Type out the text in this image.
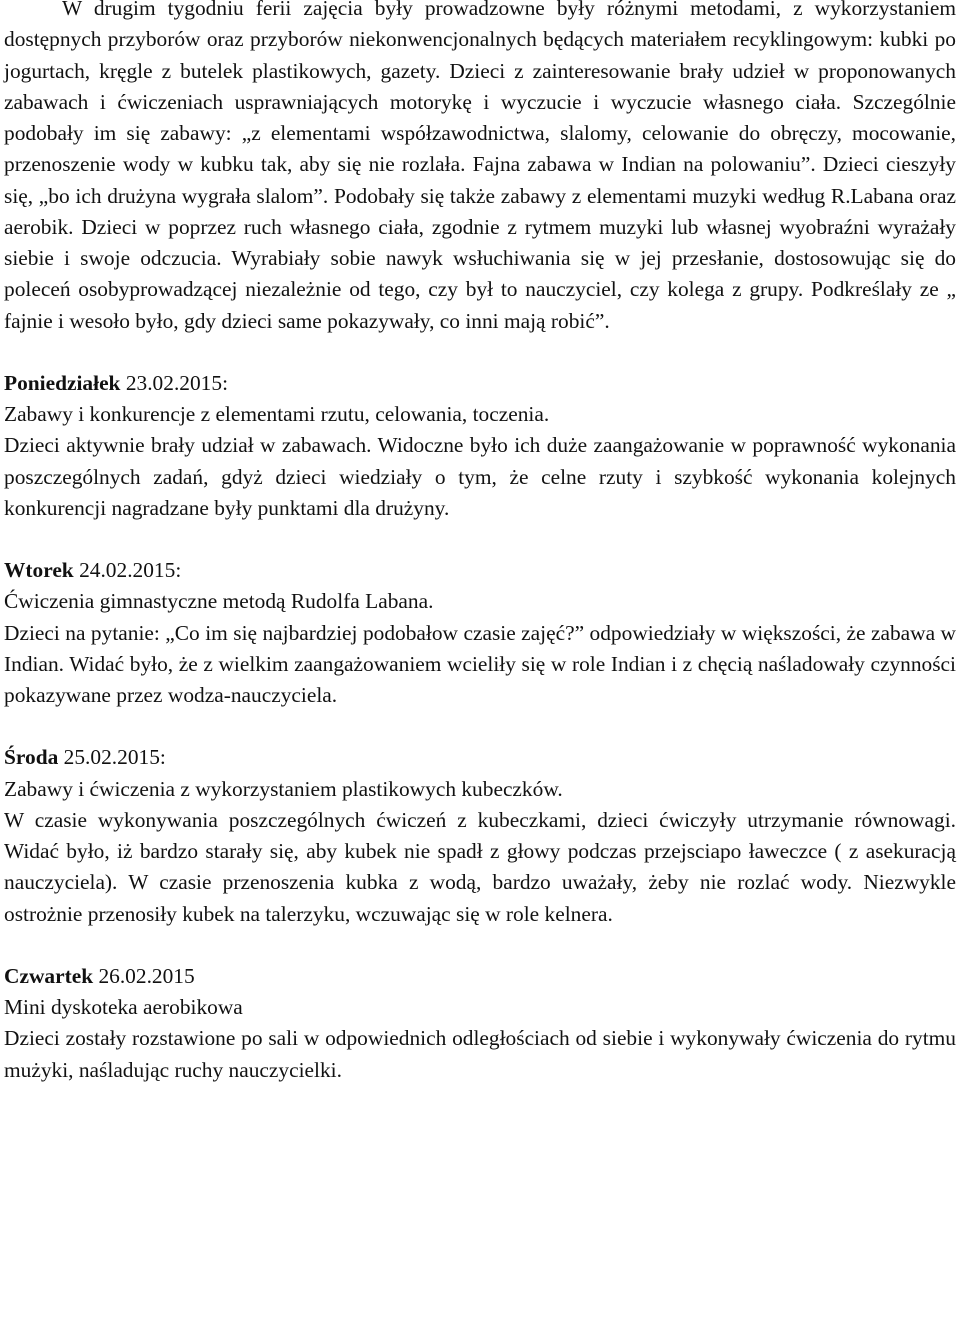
W drugim tygodniu ferii zajęcia były prowadzowne były różnymi metodami, z wykorzystaniem dostępnych przyborów oraz przyborów niekonwencjonalnych będących materiałem recyklingowym: kubki po jogurtach, kręgle z butelek plastikowych, gazety. Dzieci z zainteresowanie brały udzieł w proponowanych zabawach i ćwiczeniach usprawniających motorykę i wyczucie i wyczucie własnego ciała. Szczególnie podobały im się zabawy: „z elementami współzawodnictwa, slalomy, celowanie do obręczy, mocowanie, przenoszenie wody w kubku tak, aby się nie rozlała. Fajna zabawa w Indian na polowaniu”. Dzieci cieszyły się, „bo ich drużyna wygrała slalom”. Podobały się także zabawy z elementami muzyki według R.Labana oraz aerobik. Dzieci w poprzez ruch własnego ciała, zgodnie z rytmem muzyki lub własnej wyobraźni wyrażały siebie i swoje odczucia. Wyrabiały sobie nawyk wsłuchiwania się w jej przesłanie, dostosowując się do poleceń osobyprowadzącej niezależnie od tego, czy był to nauczyciel, czy kolega z grupy. Podkreślały ze „ fajnie i wesoło było, gdy dzieci same pokazywały, co inni mają robić”.

Poniedziałek 23.02.2015:

Zabawy i konkurencje z elementami rzutu, celowania, toczenia.

Dzieci aktywnie brały udział w zabawach. Widoczne było ich duże zaangażowanie w poprawność wykonania poszczególnych zadań, gdyż dzieci wiedziały o tym, że celne rzuty i szybkość wykonania kolejnych konkurencji nagradzane były punktami dla drużyny.

Wtorek 24.02.2015:

Ćwiczenia gimnastyczne metodą Rudolfa Labana.

Dzieci na pytanie: „Co im się najbardziej podobałow czasie zajęć?” odpowiedziały w większości, że zabawa w Indian. Widać było, że z wielkim zaangażowaniem wcieliły się w role Indian i z chęcią naśladowały czynności pokazywane przez wodza-nauczyciela.

Środa 25.02.2015:

Zabawy i ćwiczenia z wykorzystaniem plastikowych kubeczków.

W czasie wykonywania poszczególnych ćwiczeń z kubeczkami, dzieci ćwiczyły utrzymanie równowagi. Widać było, iż bardzo starały się, aby kubek nie spadł z głowy podczas przejsciapo ławeczce ( z asekuracją nauczyciela). W czasie przenoszenia kubka z wodą, bardzo uważały, żeby nie rozlać wody. Niezwykle ostrożnie przenosiły kubek na talerzyku, wczuwając się w role kelnera.

Czwartek 26.02.2015

Mini dyskoteka aerobikowa

Dzieci zostały rozstawione po sali w odpowiednich odległościach od siebie i wykonywały ćwiczenia do rytmu mużyki, naśladując ruchy nauczycielki.
